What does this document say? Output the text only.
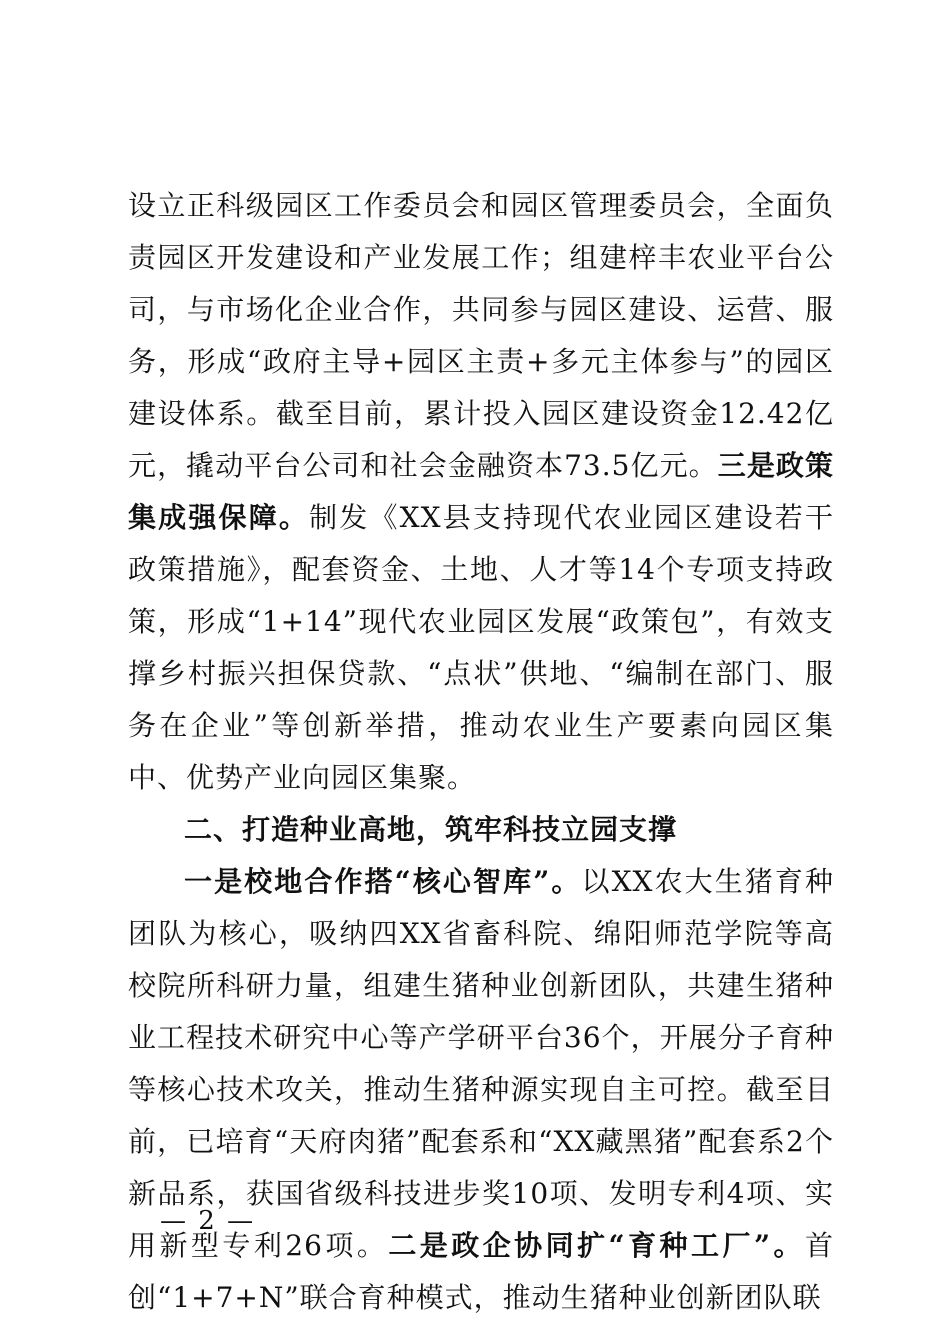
设立正科级园区工作委员会和园区管理委员会，全面负责园区开发建设和产业发展工作；组建梓丰农业平台公司，与市场化企业合作，共同参与园区建设、运营、服务，形成“政府主导+园区主责+多元主体参与”的园区建设体系。截至目前，累计投入园区建设资金12.42亿元，撬动平台公司和社会金融资本73.5亿元。三是政策集成强保障。制发《XX县支持现代农业园区建设若干政策措施》，配套资金、土地、人才等14个专项支持政策，形成“1+14”现代农业园区发展“政策包”，有效支撑乡村振兴担保贷款、“点状”供地、“编制在部门、服务在企业”等创新举措，推动农业生产要素向园区集中、优势产业向园区集聚。

二、打造种业高地，筑牢科技立园支撑

一是校地合作搭“核心智库”。以XX农大生猪育种团队为核心，吸纳四XX省畜科院、绵阳师范学院等高校院所科研力量，组建生猪种业创新团队，共建生猪种业工程技术研究中心等产学研平台36个，开展分子育种等核心技术攻关，推动生猪种源实现自主可控。截至目前，已培育“天府肉猪”配套系和“XX藏黑猪”配套系2个新品系，获国省级科技进步奖10项、发明专利4项、实用新型专利26项。二是政企协同扩“育种工厂”。首创“1+7+N”联合育种模式，推动生猪种业创新团队联

— 2 —
